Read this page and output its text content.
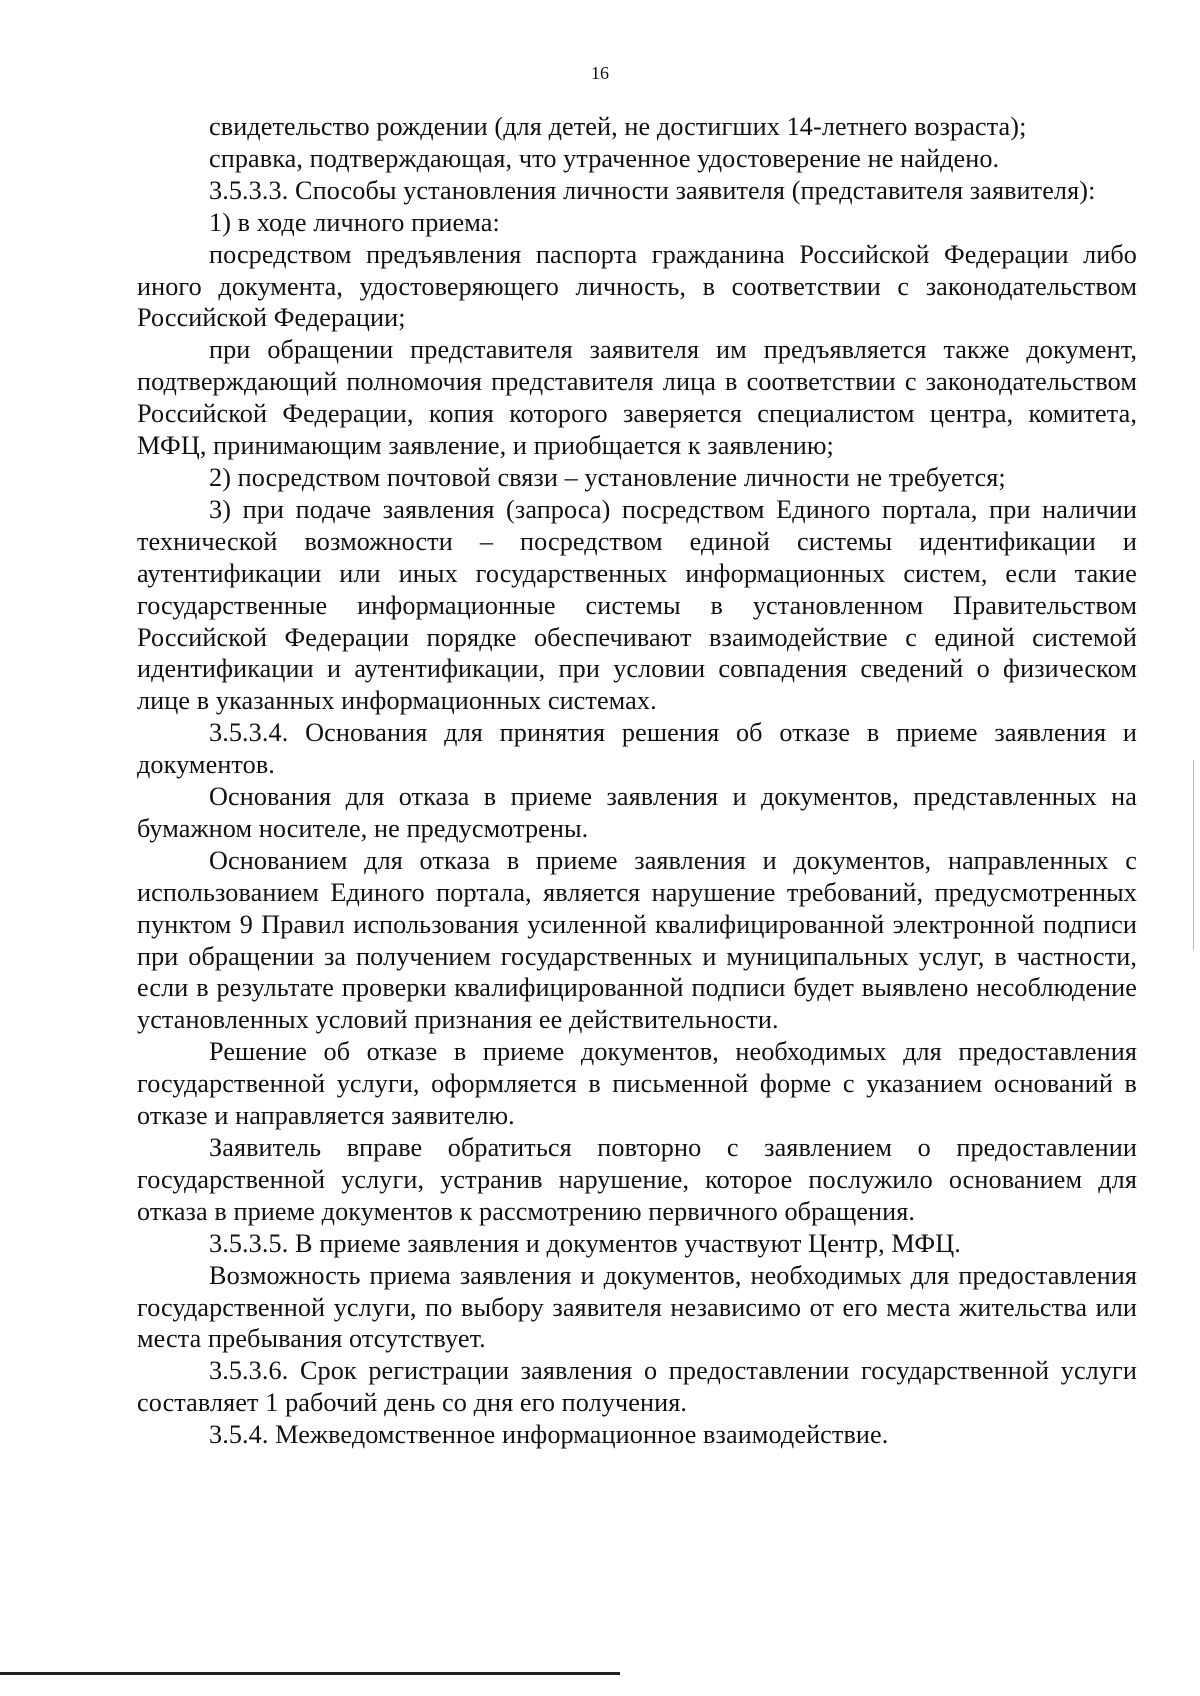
16

свидетельство рождении (для детей, не достигших 14-летнего возраста);

справка, подтверждающая, что утраченное удостоверение не найдено.

3.5.3.3. Способы установления личности заявителя (представителя заявителя):

1) в ходе личного приема:

посредством предъявления паспорта гражданина Российской Федерации либо иного документа, удостоверяющего личность, в соответствии с законодательством Российской Федерации;

при обращении представителя заявителя им предъявляется также документ, подтверждающий полномочия представителя лица в соответствии с законодательством Российской Федерации, копия которого заверяется специалистом центра, комитета, МФЦ, принимающим заявление, и приобщается к заявлению;

2) посредством почтовой связи – установление личности не требуется;

3) при подаче заявления (запроса) посредством Единого портала, при наличии технической возможности – посредством единой системы идентификации и аутентификации или иных государственных информационных систем, если такие государственные информационные системы в установленном Правительством Российской Федерации порядке обеспечивают взаимодействие с единой системой идентификации и аутентификации, при условии совпадения сведений о физическом лице в указанных информационных системах.

3.5.3.4. Основания для принятия решения об отказе в приеме заявления и документов.

Основания для отказа в приеме заявления и документов, представленных на бумажном носителе, не предусмотрены.

Основанием для отказа в приеме заявления и документов, направленных с использованием Единого портала, является нарушение требований, предусмотренных пунктом 9 Правил использования усиленной квалифицированной электронной подписи при обращении за получением государственных и муниципальных услуг, в частности, если в результате проверки квалифицированной подписи будет выявлено несоблюдение установленных условий признания ее действительности.

Решение об отказе в приеме документов, необходимых для предоставления государственной услуги, оформляется в письменной форме с указанием оснований в отказе и направляется заявителю.

Заявитель вправе обратиться повторно с заявлением о предоставлении государственной услуги, устранив нарушение, которое послужило основанием для отказа в приеме документов к рассмотрению первичного обращения.

3.5.3.5. В приеме заявления и документов участвуют Центр, МФЦ.

Возможность приема заявления и документов, необходимых для предоставления государственной услуги, по выбору заявителя независимо от его места жительства или места пребывания отсутствует.

3.5.3.6. Срок регистрации заявления о предоставлении государственной услуги составляет 1 рабочий день со дня его получения.

3.5.4. Межведомственное информационное взаимодействие.
